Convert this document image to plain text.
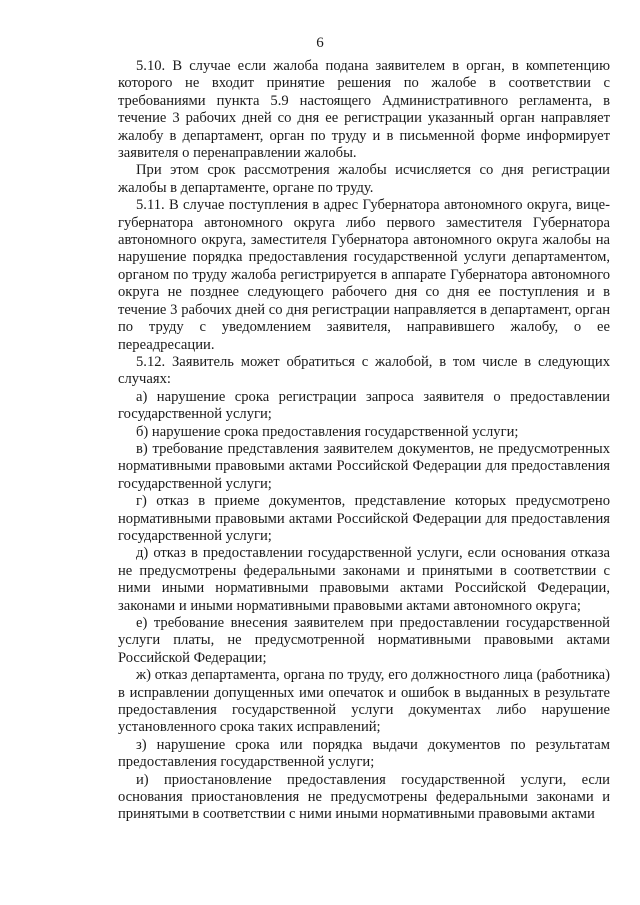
6

5.10. В случае если жалоба подана заявителем в орган, в компетенцию которого не входит принятие решения по жалобе в соответствии с требованиями пункта 5.9 настоящего Административного регламента, в течение 3 рабочих дней со дня ее регистрации указанный орган направляет жалобу в департамент, орган по труду и в письменной форме информирует заявителя о перенаправлении жалобы.

При этом срок рассмотрения жалобы исчисляется со дня регистрации жалобы в департаменте, органе по труду.

5.11. В случае поступления в адрес Губернатора автономного округа, вице-губернатора автономного округа либо первого заместителя Губернатора автономного округа, заместителя Губернатора автономного округа жалобы на нарушение порядка предоставления государственной услуги департаментом, органом по труду жалоба регистрируется в аппарате Губернатора автономного округа не позднее следующего рабочего дня со дня ее поступления и в течение 3 рабочих дней со дня регистрации направляется в департамент, орган по труду с уведомлением заявителя, направившего жалобу, о ее переадресации.

5.12. Заявитель может обратиться с жалобой, в том числе в следующих случаях:

а) нарушение срока регистрации запроса заявителя о предоставлении государственной услуги;

б) нарушение срока предоставления государственной услуги;

в) требование представления заявителем документов, не предусмотренных нормативными правовыми актами Российской Федерации для предоставления государственной услуги;

г) отказ в приеме документов, представление которых предусмотрено нормативными правовыми актами Российской Федерации для предоставления государственной услуги;

д) отказ в предоставлении государственной услуги, если основания отказа не предусмотрены федеральными законами и принятыми в соответствии с ними иными нормативными правовыми актами Российской Федерации, законами и иными нормативными правовыми актами автономного округа;

е) требование внесения заявителем при предоставлении государственной услуги платы, не предусмотренной нормативными правовыми актами Российской Федерации;

ж) отказ департамента, органа по труду, его должностного лица (работника) в исправлении допущенных ими опечаток и ошибок в выданных в результате предоставления государственной услуги документах либо нарушение установленного срока таких исправлений;

з) нарушение срока или порядка выдачи документов по результатам предоставления государственной услуги;

и) приостановление предоставления государственной услуги, если основания приостановления не предусмотрены федеральными законами и принятыми в соответствии с ними иными нормативными правовыми актами
